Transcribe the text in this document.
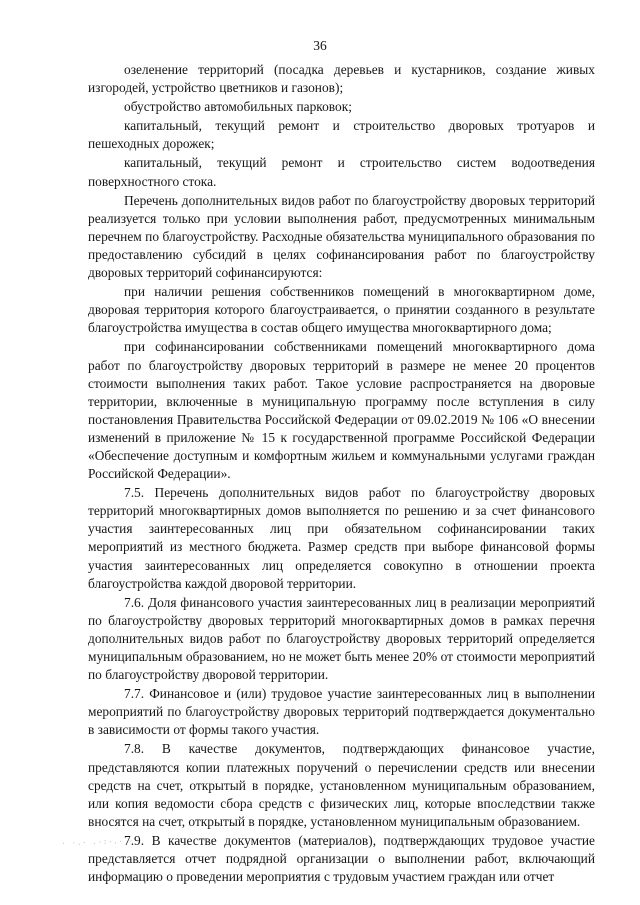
36

озеленение территорий (посадка деревьев и кустарников, создание живых изгородей, устройство цветников и газонов);

обустройство автомобильных парковок;

капитальный, текущий ремонт и строительство дворовых тротуаров и пешеходных дорожек;

капитальный, текущий ремонт и строительство систем водоотведения поверхностного стока.

Перечень дополнительных видов работ по благоустройству дворовых территорий реализуется только при условии выполнения работ, предусмотренных минимальным перечнем по благоустройству. Расходные обязательства муниципального образования по предоставлению субсидий в целях софинансирования работ по благоустройству дворовых территорий софинансируются:

при наличии решения собственников помещений в многоквартирном доме, дворовая территория которого благоустраивается, о принятии созданного в результате благоустройства имущества в состав общего имущества многоквартирного дома;

при софинансировании собственниками помещений многоквартирного дома работ по благоустройству дворовых территорий в размере не менее 20 процентов стоимости выполнения таких работ. Такое условие распространяется на дворовые территории, включенные в муниципальную программу после вступления в силу постановления Правительства Российской Федерации от 09.02.2019 № 106 «О внесении изменений в приложение № 15 к государственной программе Российской Федерации «Обеспечение доступным и комфортным жильем и коммунальными услугами граждан Российской Федерации».

7.5. Перечень дополнительных видов работ по благоустройству дворовых территорий многоквартирных домов выполняется по решению и за счет финансового участия заинтересованных лиц при обязательном софинансировании таких мероприятий из местного бюджета. Размер средств при выборе финансовой формы участия заинтересованных лиц определяется совокупно в отношении проекта благоустройства каждой дворовой территории.

7.6. Доля финансового участия заинтересованных лиц в реализации мероприятий по благоустройству дворовых территорий многоквартирных домов в рамках перечня дополнительных видов работ по благоустройству дворовых территорий определяется муниципальным образованием, но не может быть менее 20% от стоимости мероприятий по благоустройству дворовой территории.

7.7. Финансовое и (или) трудовое участие заинтересованных лиц в выполнении мероприятий по благоустройству дворовых территорий подтверждается документально в зависимости от формы такого участия.

7.8. В качестве документов, подтверждающих финансовое участие, представляются копии платежных поручений о перечислении средств или внесении средств на счет, открытый в порядке, установленном муниципальным образованием, или копия ведомости сбора средств с физических лиц, которые впоследствии также вносятся на счет, открытый в порядке, установленном муниципальным образованием.

7.9. В качестве документов (материалов), подтверждающих трудовое участие представляется отчет подрядной организации о выполнении работ, включающий информацию о проведении мероприятия с трудовым участием граждан или отчет

· ·.· .·:·.· ·
